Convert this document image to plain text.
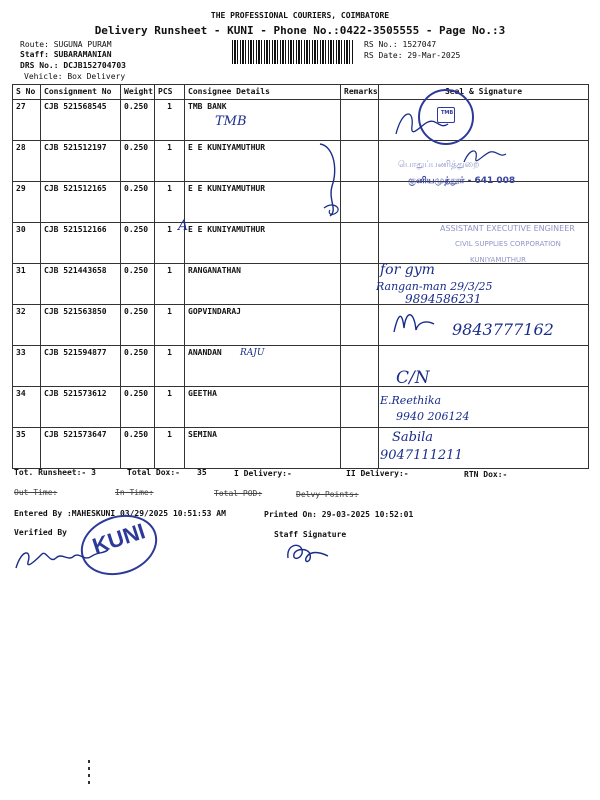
THE PROFESSIONAL COURIERS, COIMBATORE
Delivery Runsheet - KUNI - Phone No.:0422-3505555 - Page No.:3
Route: SUGUNA PURAM
Staff: SUBARAMANIAN
DRS No.: DCJB152704703
Vehicle: Box Delivery
RS No.: 1527047
RS Date: 29-Mar-2025
S No	Consignment No	Weight	PCS	Consignee Details	Remarks	Seal & Signature
27	CJB 521568545	0.250	1	TMB BANK		
28	CJB 521512197	0.250	1	E E KUNIYAMUTHUR		
29	CJB 521512165	0.250	1	E E KUNIYAMUTHUR		
30	CJB 521512166	0.250	1	E E KUNIYAMUTHUR		
31	CJB 521443658	0.250	1	RANGANATHAN		
32	CJB 521563850	0.250	1	GOPVINDARAJ		
33	CJB 521594877	0.250	1	ANANDAN		
34	CJB 521573612	0.250	1	GEETHA		
35	CJB 521573647	0.250	1	SEMINA		
TMB
A
TMB
பொதுப்பணித்துறை
குனியமுத்தூர் - 641 008
ASSISTANT EXECUTIVE ENGINEER
CIVIL SUPPLIES CORPORATION
KUNIYAMUTHUR
for gym
Rangan-man 29/3/25
9894586231
9843777162
RAJU
C/N
E.Reethika
9940 206124
Sabila
9047111211
Tot. Runsheet:- 3	Total Dox:- 35	I Delivery:-	II Delivery:-	RTN Dox:-
Out Time:	In Time:	Total POD:	Delvy Points:
Entered By :MAHESKUNI 03/29/2025 10:51:53 AM	Printed On: 29-03-2025 10:52:01
Verified By	Staff Signature
KUNI
